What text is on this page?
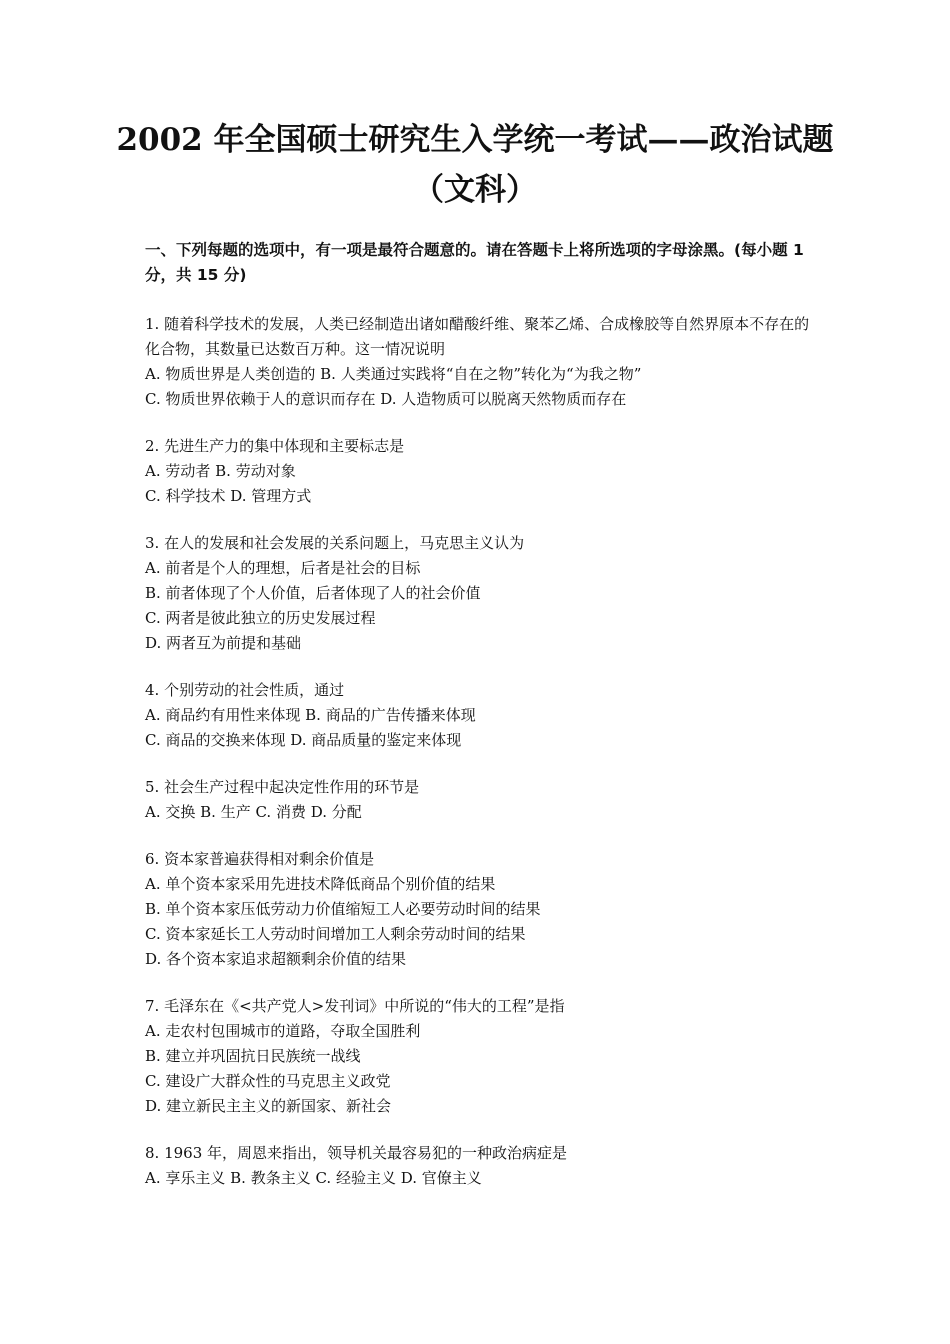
2002 年全国硕士研究生入学统一考试——政治试题
（文科）

一、下列每题的选项中，有一项是最符合题意的。请在答题卡上将所选项的字母涂黑。(每小题 1 分，共 15 分)

1. 随着科学技术的发展，人类已经制造出诸如醋酸纤维、聚苯乙烯、合成橡胶等自然界原本不存在的化合物，其数量已达数百万种。这一情况说明

A. 物质世界是人类创造的 B. 人类通过实践将“自在之物”转化为“为我之物”

C. 物质世界依赖于人的意识而存在 D. 人造物质可以脱离天然物质而存在

2. 先进生产力的集中体现和主要标志是

A. 劳动者 B. 劳动对象

C. 科学技术 D. 管理方式

3. 在人的发展和社会发展的关系问题上，马克思主义认为

A. 前者是个人的理想，后者是社会的目标

B. 前者体现了个人价值，后者体现了人的社会价值

C. 两者是彼此独立的历史发展过程

D. 两者互为前提和基础

4. 个别劳动的社会性质，通过

A. 商品约有用性来体现 B. 商品的广告传播来体现

C. 商品的交换来体现 D. 商品质量的鉴定来体现

5. 社会生产过程中起决定性作用的环节是

A. 交换 B. 生产 C. 消费 D. 分配

6. 资本家普遍获得相对剩余价值是

A. 单个资本家采用先进技术降低商品个别价值的结果

B. 单个资本家压低劳动力价值缩短工人必要劳动时间的结果

C. 资本家延长工人劳动时间增加工人剩余劳动时间的结果

D. 各个资本家追求超额剩余价值的结果

7. 毛泽东在《<共产党人>发刊词》中所说的“伟大的工程”是指

A. 走农村包围城市的道路，夺取全国胜利

B. 建立并巩固抗日民族统一战线

C. 建设广大群众性的马克思主义政党

D. 建立新民主主义的新国家、新社会

8. 1963 年，周恩来指出，领导机关最容易犯的一种政治病症是

A. 享乐主义 B. 教条主义 C. 经验主义 D. 官僚主义
